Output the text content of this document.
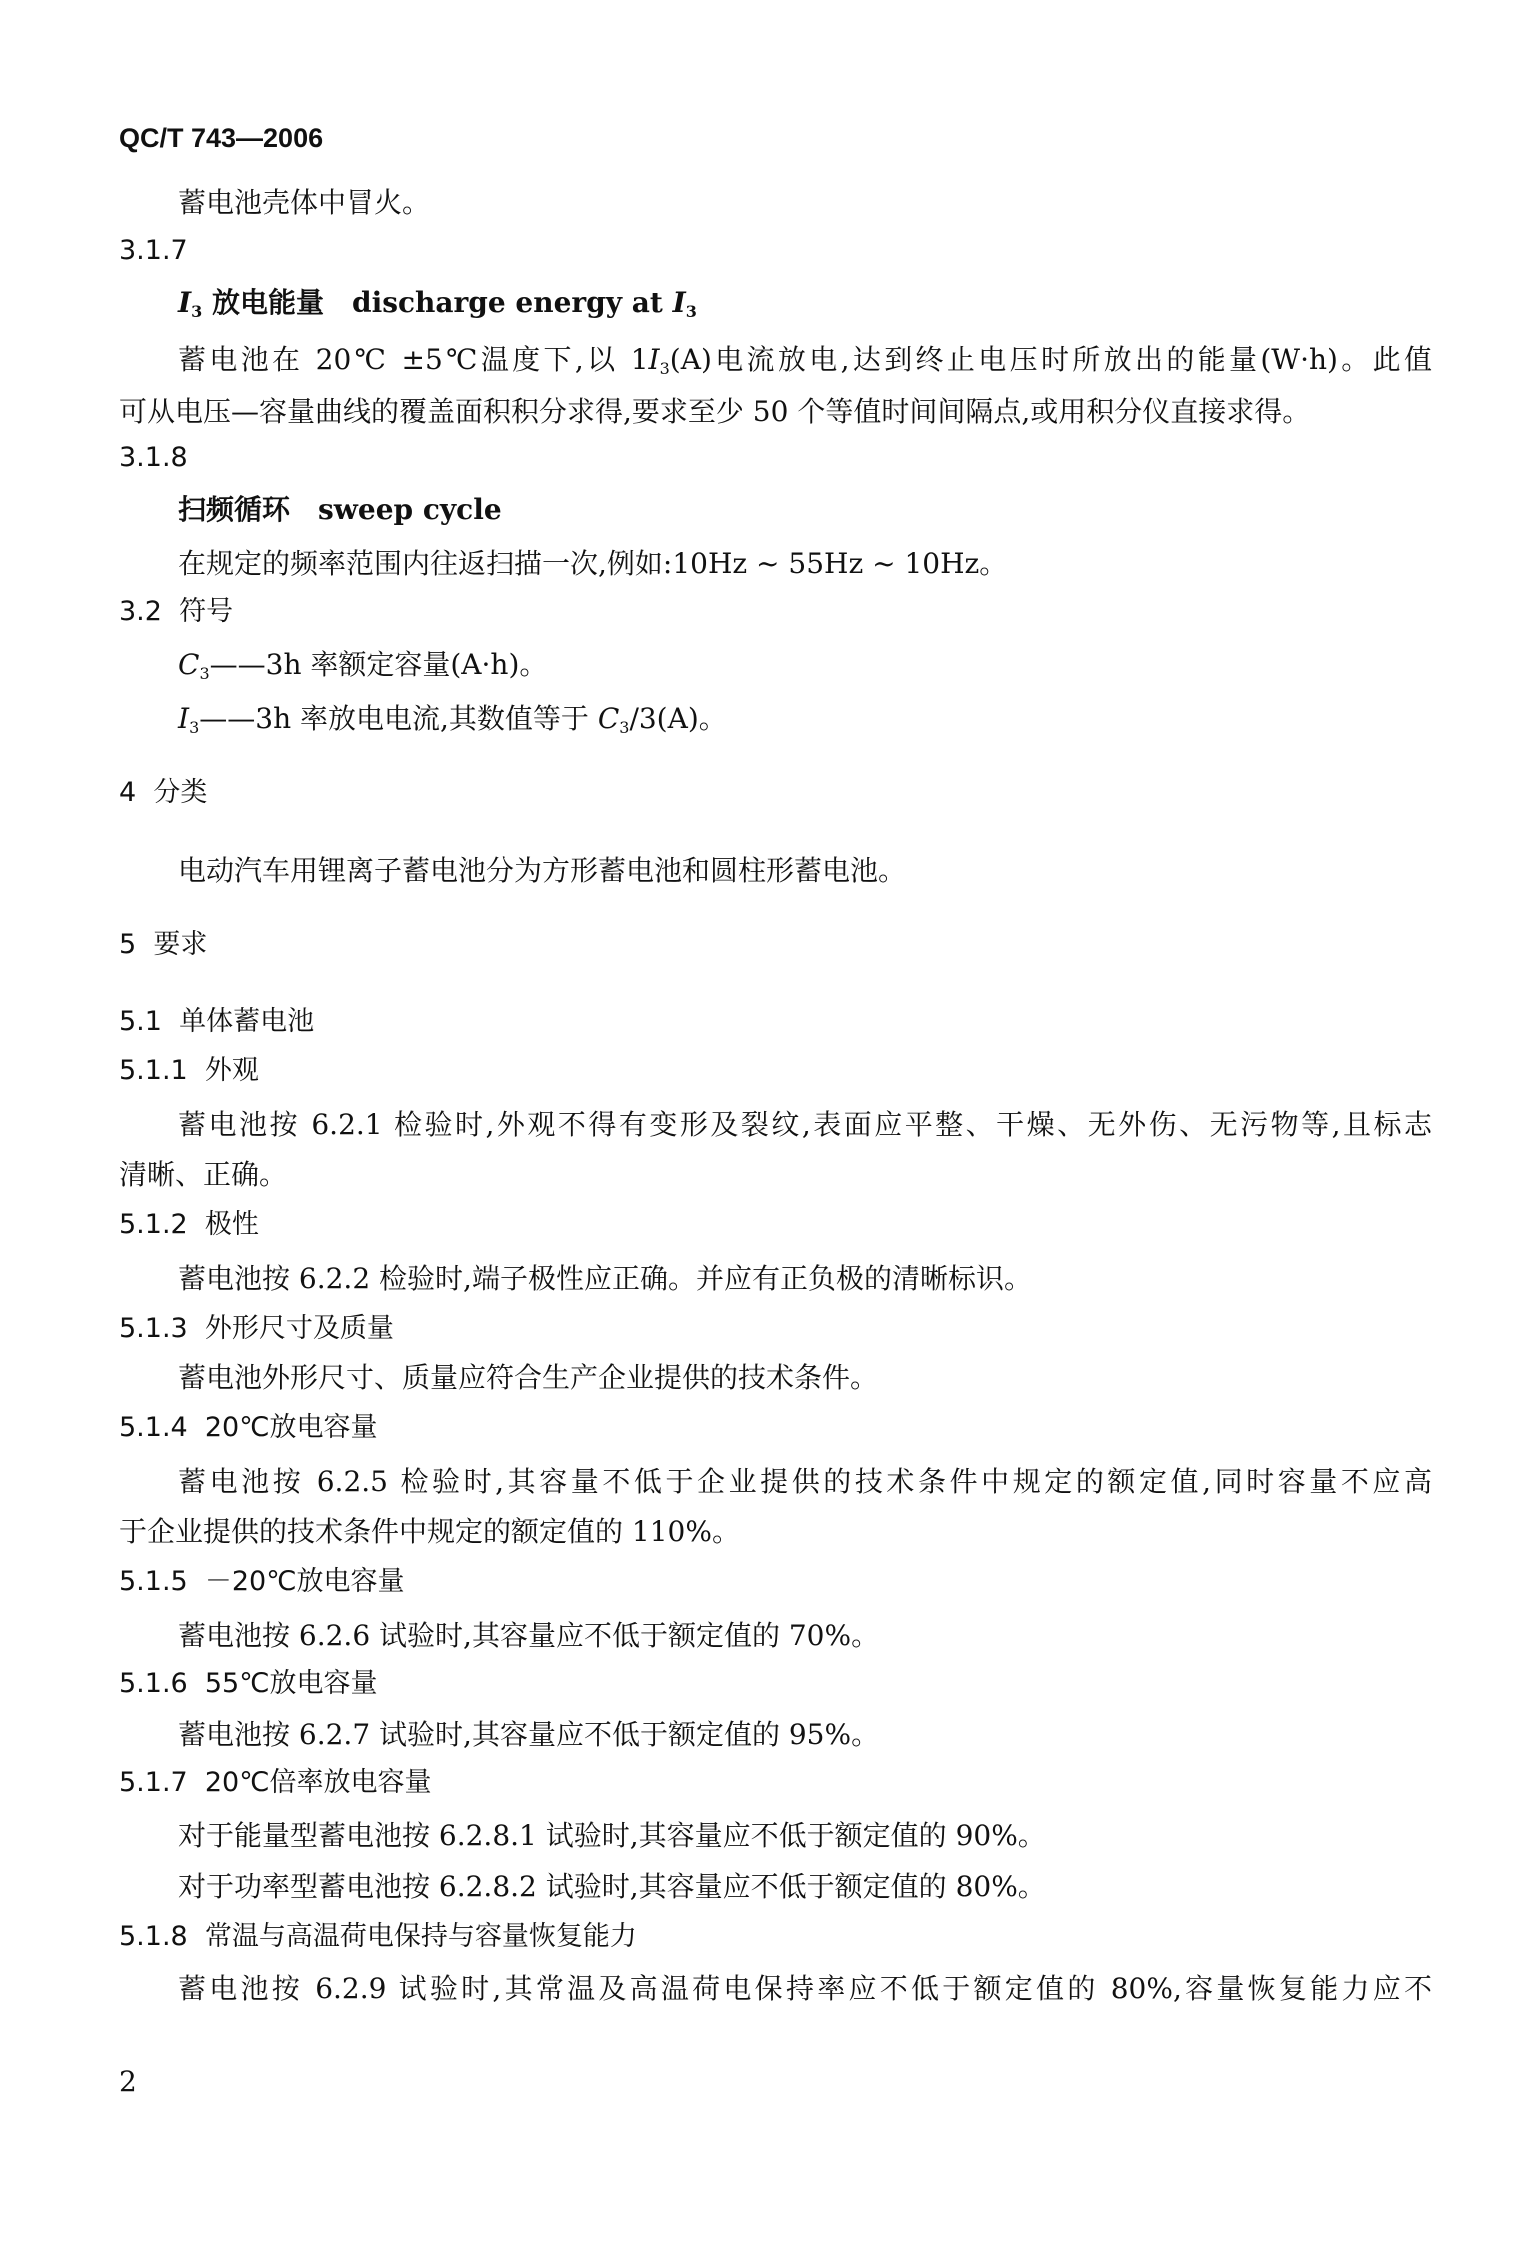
QC/T 743—2006
蓄电池壳体中冒火。
3.1.7
$I_3$ 放电能量 discharge energy at $I_3$
蓄电池在 20℃ ±5℃温度下,以 $1I_3(A)$电流放电,达到终止电压时所放出的能量(W·h)。此值
可从电压—容量曲线的覆盖面积积分求得,要求至少 50 个等值时间间隔点,或用积分仪直接求得。
3.1.8
扫频循环 sweep cycle
在规定的频率范围内往返扫描一次,例如:10Hz ~ 55Hz ~ 10Hz。
3.2  符号
$C_3——3h$ 率额定容量(A·h)。
$I_3——3h$ 率放电电流,其数值等于 $C_3/3(A)$。
4  分类
电动汽车用锂离子蓄电池分为方形蓄电池和圆柱形蓄电池。
5  要求
5.1  单体蓄电池
5.1.1  外观
蓄电池按 6.2.1 检验时,外观不得有变形及裂纹,表面应平整、干燥、无外伤、无污物等,且标志
清晰、正确。
5.1.2  极性
蓄电池按 6.2.2 检验时,端子极性应正确。并应有正负极的清晰标识。
5.1.3  外形尺寸及质量
蓄电池外形尺寸、质量应符合生产企业提供的技术条件。
5.1.4  20℃放电容量
蓄电池按 6.2.5 检验时,其容量不低于企业提供的技术条件中规定的额定值,同时容量不应高
于企业提供的技术条件中规定的额定值的 110%。
5.1.5  －20℃放电容量
蓄电池按 6.2.6 试验时,其容量应不低于额定值的 70%。
5.1.6  55℃放电容量
蓄电池按 6.2.7 试验时,其容量应不低于额定值的 95%。
5.1.7  20℃倍率放电容量
对于能量型蓄电池按 6.2.8.1 试验时,其容量应不低于额定值的 90%。
对于功率型蓄电池按 6.2.8.2 试验时,其容量应不低于额定值的 80%。
5.1.8  常温与高温荷电保持与容量恢复能力
蓄电池按 6.2.9 试验时,其常温及高温荷电保持率应不低于额定值的 80%,容量恢复能力应不
2
